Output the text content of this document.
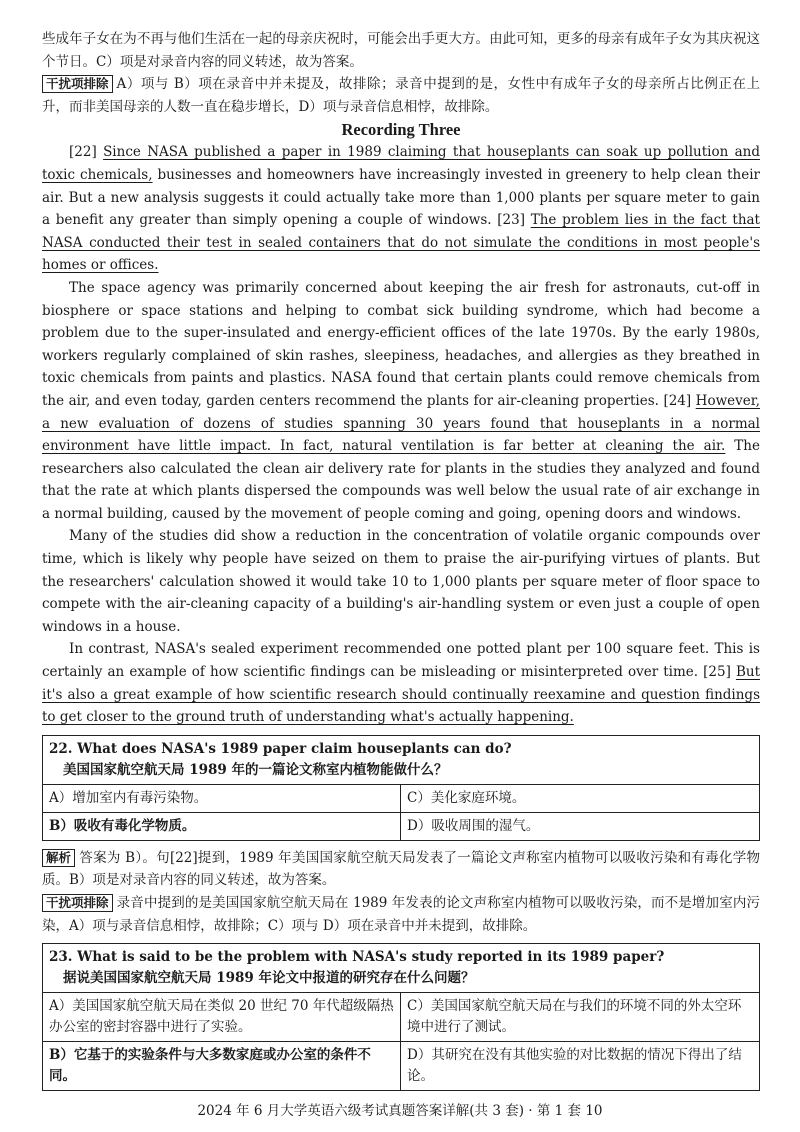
些成年子女在为不再与他们生活在一起的母亲庆祝时，可能会出手更大方。由此可知，更多的母亲有成年子女为其庆祝这个节日。C）项是对录音内容的同义转述，故为答案。

干扰项排除 A）项与 B）项在录音中并未提及，故排除；录音中提到的是，女性中有成年子女的母亲所占比例正在上升，而非美国母亲的人数一直在稳步增长，D）项与录音信息相悖，故排除。

Recording Three

[22] Since NASA published a paper in 1989 claiming that houseplants can soak up pollution and toxic chemicals, businesses and homeowners have increasingly invested in greenery to help clean their air. But a new analysis suggests it could actually take more than 1,000 plants per square meter to gain a benefit any greater than simply opening a couple of windows. [23] The problem lies in the fact that NASA conducted their test in sealed containers that do not simulate the conditions in most people's homes or offices.

The space agency was primarily concerned about keeping the air fresh for astronauts, cut-off in biosphere or space stations and helping to combat sick building syndrome, which had become a problem due to the super-insulated and energy-efficient offices of the late 1970s. By the early 1980s, workers regularly complained of skin rashes, sleepiness, headaches, and allergies as they breathed in toxic chemicals from paints and plastics. NASA found that certain plants could remove chemicals from the air, and even today, garden centers recommend the plants for air-cleaning properties. [24] However, a new evaluation of dozens of studies spanning 30 years found that houseplants in a normal environment have little impact. In fact, natural ventilation is far better at cleaning the air. The researchers also calculated the clean air delivery rate for plants in the studies they analyzed and found that the rate at which plants dispersed the compounds was well below the usual rate of air exchange in a normal building, caused by the movement of people coming and going, opening doors and windows.

Many of the studies did show a reduction in the concentration of volatile organic compounds over time, which is likely why people have seized on them to praise the air-purifying virtues of plants. But the researchers' calculation showed it would take 10 to 1,000 plants per square meter of floor space to compete with the air-cleaning capacity of a building's air-handling system or even just a couple of open windows in a house.

In contrast, NASA's sealed experiment recommended one potted plant per 100 square feet. This is certainly an example of how scientific findings can be misleading or misinterpreted over time. [25] But it's also a great example of how scientific research should continually reexamine and question findings to get closer to the ground truth of understanding what's actually happening.

22. What does NASA's 1989 paper claim houseplants can do?
美国国家航空航天局 1989 年的一篇论文称室内植物能做什么？	

A）增加室内有毒污染物。	C）美化家庭环境。
B）吸收有毒化学物质。	D）吸收周围的湿气。

解析 答案为 B）。句[22]提到，1989 年美国国家航空航天局发表了一篇论文声称室内植物可以吸收污染和有毒化学物质。B）项是对录音内容的同义转述，故为答案。

干扰项排除 录音中提到的是美国国家航空航天局在 1989 年发表的论文声称室内植物可以吸收污染，而不是增加室内污染，A）项与录音信息相悖，故排除；C）项与 D）项在录音中并未提到，故排除。

23. What is said to be the problem with NASA's study reported in its 1989 paper?
据说美国国家航空航天局 1989 年论文中报道的研究存在什么问题？	

A）美国国家航空航天局在类似 20 世纪 70 年代超级隔热办公室的密封容器中进行了实验。	C）美国国家航空航天局在与我们的环境不同的外太空环境中进行了测试。
B）它基于的实验条件与大多数家庭或办公室的条件不同。	D）其研究在没有其他实验的对比数据的情况下得出了结论。
2024 年 6 月大学英语六级考试真题答案详解(共 3 套) · 第 1 套 10
